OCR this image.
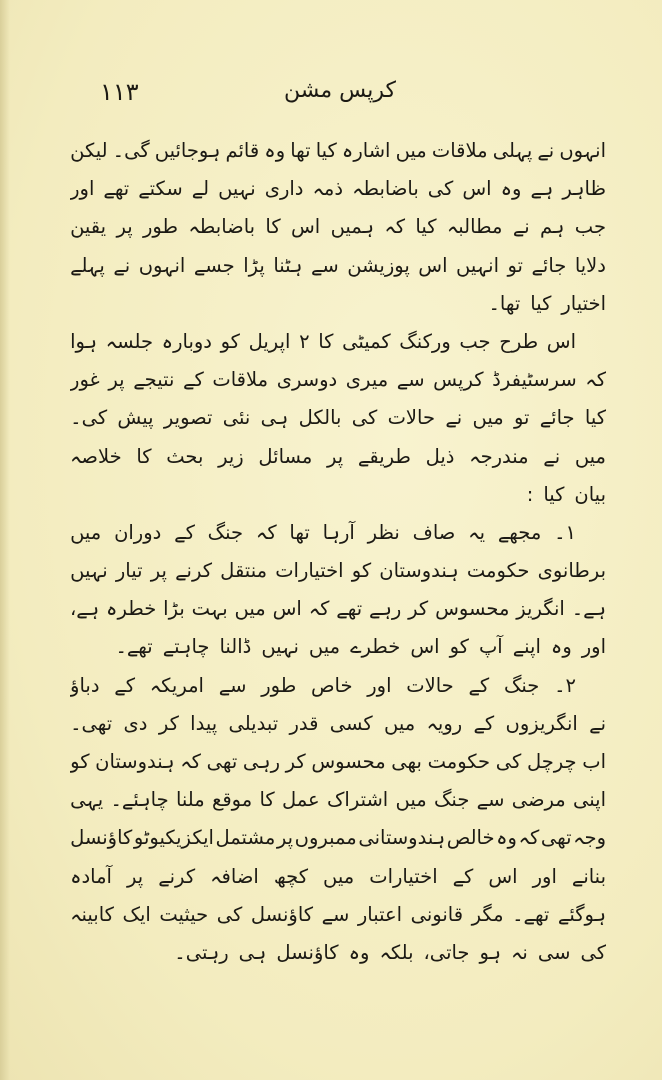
١١٣	کرپس مشن
انہوں
نے
پہلی
ملاقات
میں
اشارہ
کیا
تھا
وہ
قائم
ہوجائیں
گی۔
لیکن
ظاہر
ہے
وہ
اس
کی
باضابطہ
ذمہ
داری
نہیں
لے
سکتے
تھے
اور
جب
ہم
نے
مطالبہ
کیا
کہ
ہمیں
اس
کا
باضابطہ
طور
پر
یقین
دلایا
جائے
تو
انہیں
اس
پوزیشن
سے
ہٹنا
پڑا
جسے
انہوں
نے
پہلے
اختیار
کیا
تھا۔
اس
طرح
جب
ورکنگ
کمیٹی
کا
۲
اپریل
کو
دوبارہ
جلسہ
ہوا
کہ
سرسٹیفرڈ
کرپس
سے
میری
دوسری
ملاقات
کے
نتیجے
پر
غور
کیا
جائے
تو
میں
نے
حالات
کی
بالکل
ہی
نئی
تصویر
پیش
کی۔
میں
نے
مندرجہ
ذیل
طریقے
پر
مسائل
زیر
بحث
کا
خلاصہ
بیان
کیا
:
۱۔
مجھے
یہ
صاف
نظر
آرہا
تھا
کہ
جنگ
کے
دوران
میں
برطانوی
حکومت
ہندوستان
کو
اختیارات
منتقل
کرنے
پر
تیار
نہیں
ہے۔
انگریز
محسوس
کر
رہے
تھے
کہ
اس
میں
بہت
بڑا
خطرہ
ہے،
اور
وہ
اپنے
آپ
کو
اس
خطرے
میں
نہیں
ڈالنا
چاہتے
تھے۔
۲۔
جنگ
کے
حالات
اور
خاص
طور
سے
امریکہ
کے
دباؤ
نے
انگریزوں
کے
رویہ
میں
کسی
قدر
تبدیلی
پیدا
کر
دی
تھی۔
اب
چرچل
کی
حکومت
بھی
محسوس
کر
رہی
تھی
کہ
ہندوستان
کو
اپنی
مرضی
سے
جنگ
میں
اشتراک
عمل
کا
موقع
ملنا
چاہئے۔
یہی
وجہ
تھی
کہ
وہ
خالص
ہندوستانی
ممبروں
پر
مشتمل
ایکزیکیوٹو
کاؤنسل
بنانے
اور
اس
کے
اختیارات
میں
کچھ
اضافہ
کرنے
پر
آمادہ
ہوگئے
تھے۔
مگر
قانونی
اعتبار
سے
کاؤنسل
کی
حیثیت
ایک
کابینہ
کی
سی
نہ
ہو
جاتی،
بلکہ
وہ
کاؤنسل
ہی
رہتی۔
